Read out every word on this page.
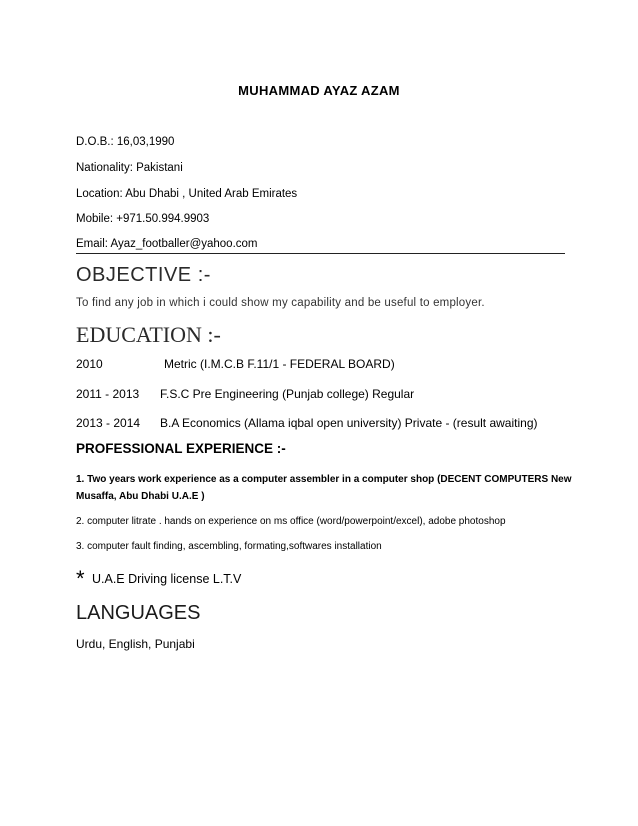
MUHAMMAD AYAZ AZAM
D.O.B.: 16,03,1990
Nationality: Pakistani
Location: Abu Dhabi , United Arab Emirates
Mobile: +971.50.994.9903
Email: Ayaz_footballer@yahoo.com
OBJECTIVE :-
To find any job in which i could show my capability and be useful to employer.
EDUCATION :-
2010	Metric (I.M.C.B F.11/1 - FEDERAL BOARD)
2011 - 2013 F.S.C Pre Engineering (Punjab college) Regular
2013 - 2014 B.A Economics (Allama iqbal open university) Private - (result awaiting)
PROFESSIONAL EXPERIENCE :-
1. Two years work experience as a computer assembler in a computer shop (DECENT COMPUTERS New
Musaffa, Abu Dhabi U.A.E )
2. computer litrate . hands on experience on ms office (word/powerpoint/excel), adobe photoshop
3. computer fault finding, ascembling, formating,softwares installation
* U.A.E Driving license L.T.V
LANGUAGES
Urdu, English, Punjabi
